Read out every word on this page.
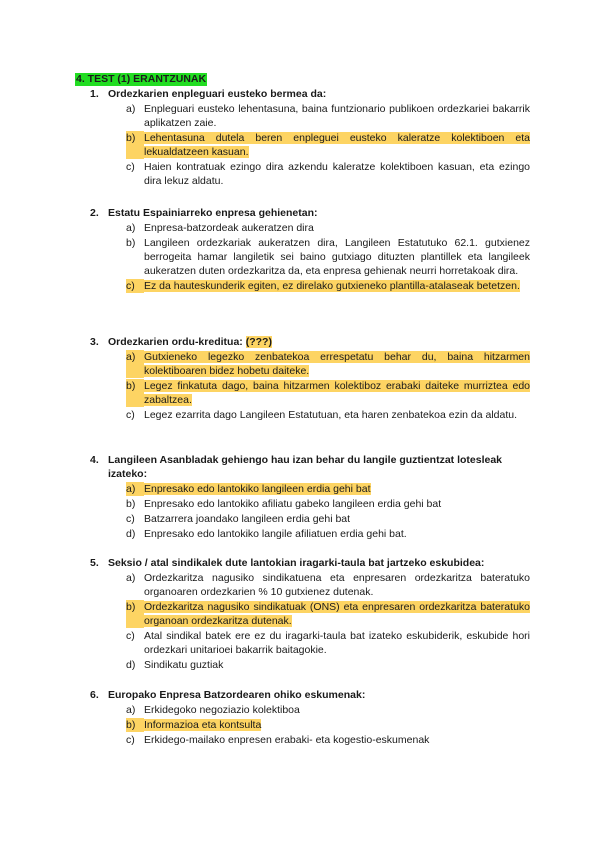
4. TEST (1) ERANTZUNAK
1. Ordezkarien enpleguari eusteko bermea da:
a) Enpleguari eusteko lehentasuna, baina funtzionario publikoen ordezkariei bakarrik aplikatzen zaie.
b) Lehentasuna dutela beren enpleguei eusteko kaleratze kolektiboen eta lekualdatzeen kasuan.
c) Haien kontratuak ezingo dira azkendu kaleratze kolektiboen kasuan, eta ezingo dira lekuz aldatu.
2. Estatu Espainiarreko enpresa gehienetan:
a) Enpresa-batzordeak aukeratzen dira
b) Langileen ordezkariak aukeratzen dira, Langileen Estatutuko 62.1. gutxienez berrogeita hamar langiletik sei baino gutxiago dituzten plantillek eta langileek aukeratzen duten ordezkaritza da, eta enpresa gehienak neurri horretakoak dira.
c) Ez da hauteskunderik egiten, ez direlako gutxieneko plantilla-atalaseak betetzen.
3. Ordezkarien ordu-kreditua: (???)
a) Gutxieneko legezko zenbatekoa errespetatu behar du, baina hitzarmen kolektiboaren bidez hobetu daiteke.
b) Legez finkatuta dago, baina hitzarmen kolektiboz erabaki daiteke murriztea edo zabaltzea.
c) Legez ezarrita dago Langileen Estatutuan, eta haren zenbatekoa ezin da aldatu.
4. Langileen Asanbladak gehiengo hau izan behar du langile guztientzat lotesleak izateko:
a) Enpresako edo lantokiko langileen erdia gehi bat
b) Enpresako edo lantokiko afiliatu gabeko langileen erdia gehi bat
c) Batzarrera joandako langileen erdia gehi bat
d) Enpresako edo lantokiko langile afiliatuen erdia gehi bat.
5. Seksio / atal sindikalek dute lantokian iragarki-taula bat jartzeko eskubidea:
a) Ordezkaritza nagusiko sindikatuena eta enpresaren ordezkaritza bateratuko organoaren ordezkarien % 10 gutxienez dutenak.
b) Ordezkaritza nagusiko sindikatuak (ONS) eta enpresaren ordezkaritza bateratuko organoan ordezkaritza dutenak.
c) Atal sindikal batek ere ez du iragarki-taula bat izateko eskubiderik, eskubide hori ordezkari unitarioei bakarrik baitagokie.
d) Sindikatu guztiak
6. Europako Enpresa Batzordearen ohiko eskumenak:
a) Erkidegoko negoziazio kolektiboa
b) Informazioa eta kontsulta
c) Erkidego-mailako enpresen erabaki- eta kogestio-eskumenak
